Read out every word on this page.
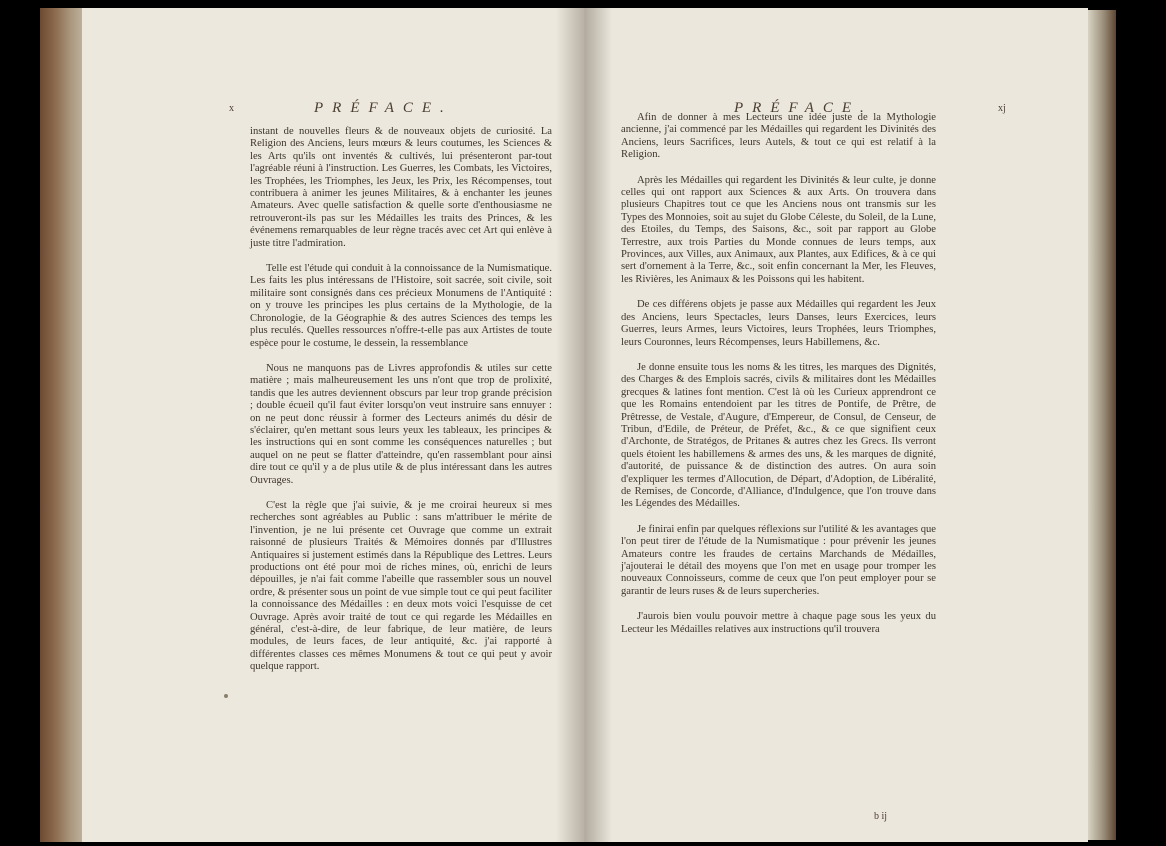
x	PRÉFACE.

instant de nouvelles fleurs & de nouveaux objets de curiosité. La Religion des Anciens, leurs mœurs & leurs coutumes, les Sciences & les Arts qu'ils ont inventés & cultivés, lui présenteront par-tout l'agréable réuni à l'instruction. Les Guerres, les Combats, les Victoires, les Trophées, les Triomphes, les Jeux, les Prix, les Récompenses, tout contribuera à animer les jeunes Militaires, & à enchanter les jeunes Amateurs. Avec quelle satisfaction & quelle sorte d'enthousiasme ne retrouveront-ils pas sur les Médailles les traits des Princes, & les événemens remarquables de leur règne tracés avec cet Art qui enlève à juste titre l'admiration.

Telle est l'étude qui conduit à la connoissance de la Numismatique. Les faits les plus intéressans de l'Histoire, soit sacrée, soit civile, soit militaire sont consignés dans ces précieux Monumens de l'Antiquité : on y trouve les principes les plus certains de la Mythologie, de la Chronologie, de la Géographie & des autres Sciences des temps les plus reculés. Quelles ressources n'offre-t-elle pas aux Artistes de toute espèce pour le costume, le dessein, la ressemblance

Nous ne manquons pas de Livres approfondis & utiles sur cette matière ; mais malheureusement les uns n'ont que trop de prolixité, tandis que les autres deviennent obscurs par leur trop grande précision ; double écueil qu'il faut éviter lorsqu'on veut instruire sans ennuyer : on ne peut donc réussir à former des Lecteurs animés du désir de s'éclairer, qu'en mettant sous leurs yeux les tableaux, les principes & les instructions qui en sont comme les conséquences naturelles ; but auquel on ne peut se flatter d'atteindre, qu'en rassemblant pour ainsi dire tout ce qu'il y a de plus utile & de plus intéressant dans les autres Ouvrages.

C'est la règle que j'ai suivie, & je me croirai heureux si mes recherches sont agréables au Public : sans m'attribuer le mérite de l'invention, je ne lui présente cet Ouvrage que comme un extrait raisonné de plusieurs Traités & Mémoires donnés par d'Illustres Antiquaires si justement estimés dans la République des Lettres. Leurs productions ont été pour moi de riches mines, où, enrichi de leurs dépouilles, je n'ai fait comme l'abeille que rassembler sous un nouvel ordre, & présenter sous un point de vue simple tout ce qui peut faciliter la connoissance des Médailles : en deux mots voici l'esquisse de cet Ouvrage. Après avoir traité de tout ce qui regarde les Médailles en général, c'est-à-dire, de leur fabrique, de leur matière, de leurs modules, de leurs faces, de leur antiquité, &c. j'ai rapporté à différentes classes ces mêmes Monumens & tout ce qui peut y avoir quelque rapport.

PRÉFACE.	xj

Afin de donner à mes Lecteurs une idée juste de la Mythologie ancienne, j'ai commencé par les Médailles qui regardent les Divinités des Anciens, leurs Sacrifices, leurs Autels, & tout ce qui est relatif à la Religion.

Après les Médailles qui regardent les Divinités & leur culte, je donne celles qui ont rapport aux Sciences & aux Arts. On trouvera dans plusieurs Chapitres tout ce que les Anciens nous ont transmis sur les Types des Monnoies, soit au sujet du Globe Céleste, du Soleil, de la Lune, des Etoiles, du Temps, des Saisons, &c., soit par rapport au Globe Terrestre, aux trois Parties du Monde connues de leurs temps, aux Provinces, aux Villes, aux Animaux, aux Plantes, aux Edifices, & à ce qui sert d'ornement à la Terre, &c., soit enfin concernant la Mer, les Fleuves, les Rivières, les Animaux & les Poissons qui les habitent.

De ces différens objets je passe aux Médailles qui regardent les Jeux des Anciens, leurs Spectacles, leurs Danses, leurs Exercices, leurs Guerres, leurs Armes, leurs Victoires, leurs Trophées, leurs Triomphes, leurs Couronnes, leurs Récompenses, leurs Habillemens, &c.

Je donne ensuite tous les noms & les titres, les marques des Dignités, des Charges & des Emplois sacrés, civils & militaires dont les Médailles grecques & latines font mention. C'est là où les Curieux apprendront ce que les Romains entendoient par les titres de Pontife, de Prêtre, de Prêtresse, de Vestale, d'Augure, d'Empereur, de Consul, de Censeur, de Tribun, d'Edile, de Préteur, de Préfet, &c., & ce que signifient ceux d'Archonte, de Stratégos, de Pritanes & autres chez les Grecs. Ils verront quels étoient les habillemens & armes des uns, & les marques de dignité, d'autorité, de puissance & de distinction des autres. On aura soin d'expliquer les termes d'Allocution, de Départ, d'Adoption, de Libéralité, de Remises, de Concorde, d'Alliance, d'Indulgence, que l'on trouve dans les Légendes des Médailles.

Je finirai enfin par quelques réflexions sur l'utilité & les avantages que l'on peut tirer de l'étude de la Numismatique : pour prévenir les jeunes Amateurs contre les fraudes de certains Marchands de Médailles, j'ajouterai le détail des moyens que l'on met en usage pour tromper les nouveaux Connoisseurs, comme de ceux que l'on peut employer pour se garantir de leurs ruses & de leurs supercheries.

J'aurois bien voulu pouvoir mettre à chaque page sous les yeux du Lecteur les Médailles relatives aux instructions qu'il trouvera

b ij
